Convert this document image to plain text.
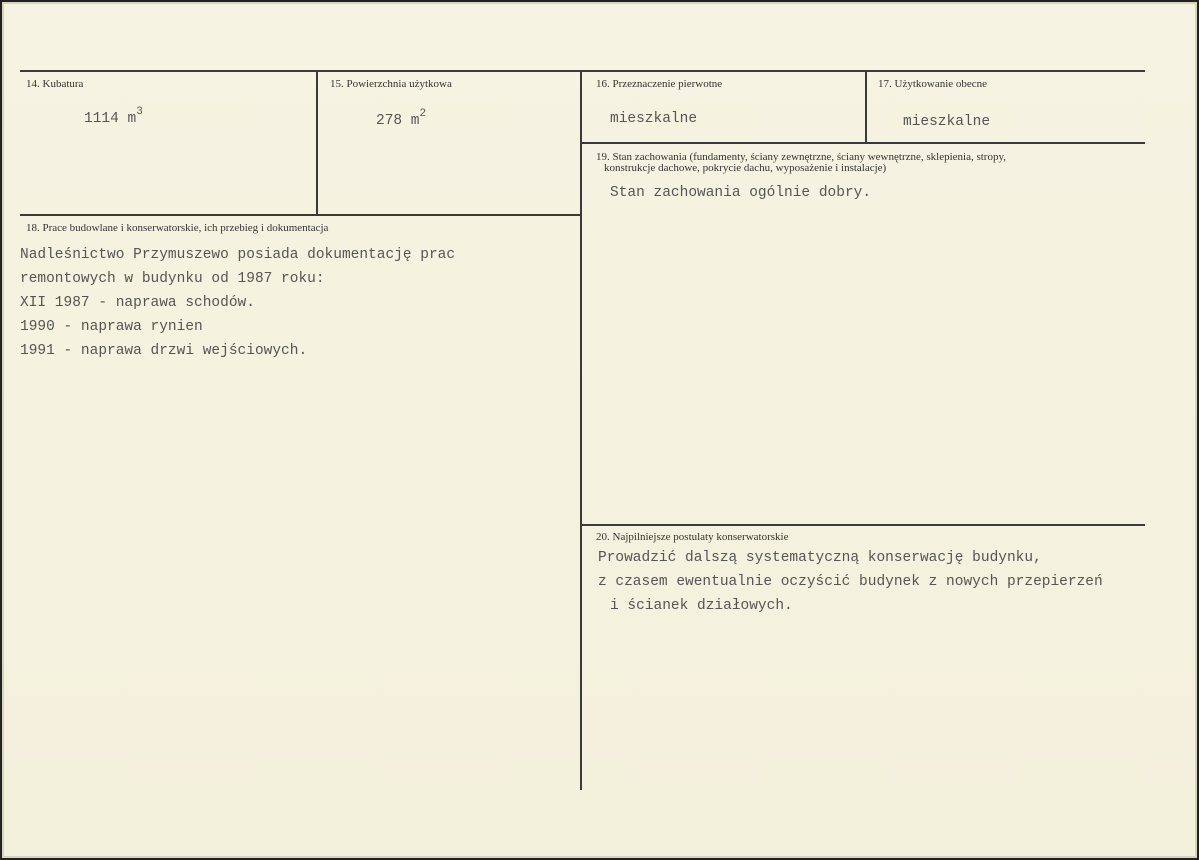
14. Kubatura
1114 $m^3$
15. Powierzchnia użytkowa
278 $m^2$
16. Przeznaczenie pierwotne
mieszkalne
17. Użytkowanie obecne
mieszkalne
19. Stan zachowania (fundamenty, ściany zewnętrzne, ściany wewnętrzne, sklepienia, stropy,
konstrukcje dachowe, pokrycie dachu, wyposażenie i instalacje)
Stan zachowania ogólnie dobry.
18. Prace budowlane i konserwatorskie, ich przebieg i dokumentacja
Nadleśnictwo Przymuszewo posiada dokumentację prac
remontowych w budynku od 1987 roku:
XII 1987 - naprawa schodów.
1990 - naprawa rynien
1991 - naprawa drzwi wejściowych.
20. Najpilniejsze postulaty konserwatorskie
Prowadzić dalszą systematyczną konserwację budynku,
z czasem ewentualnie oczyścić budynek z nowych przepierzeń
i ścianek działowych.
